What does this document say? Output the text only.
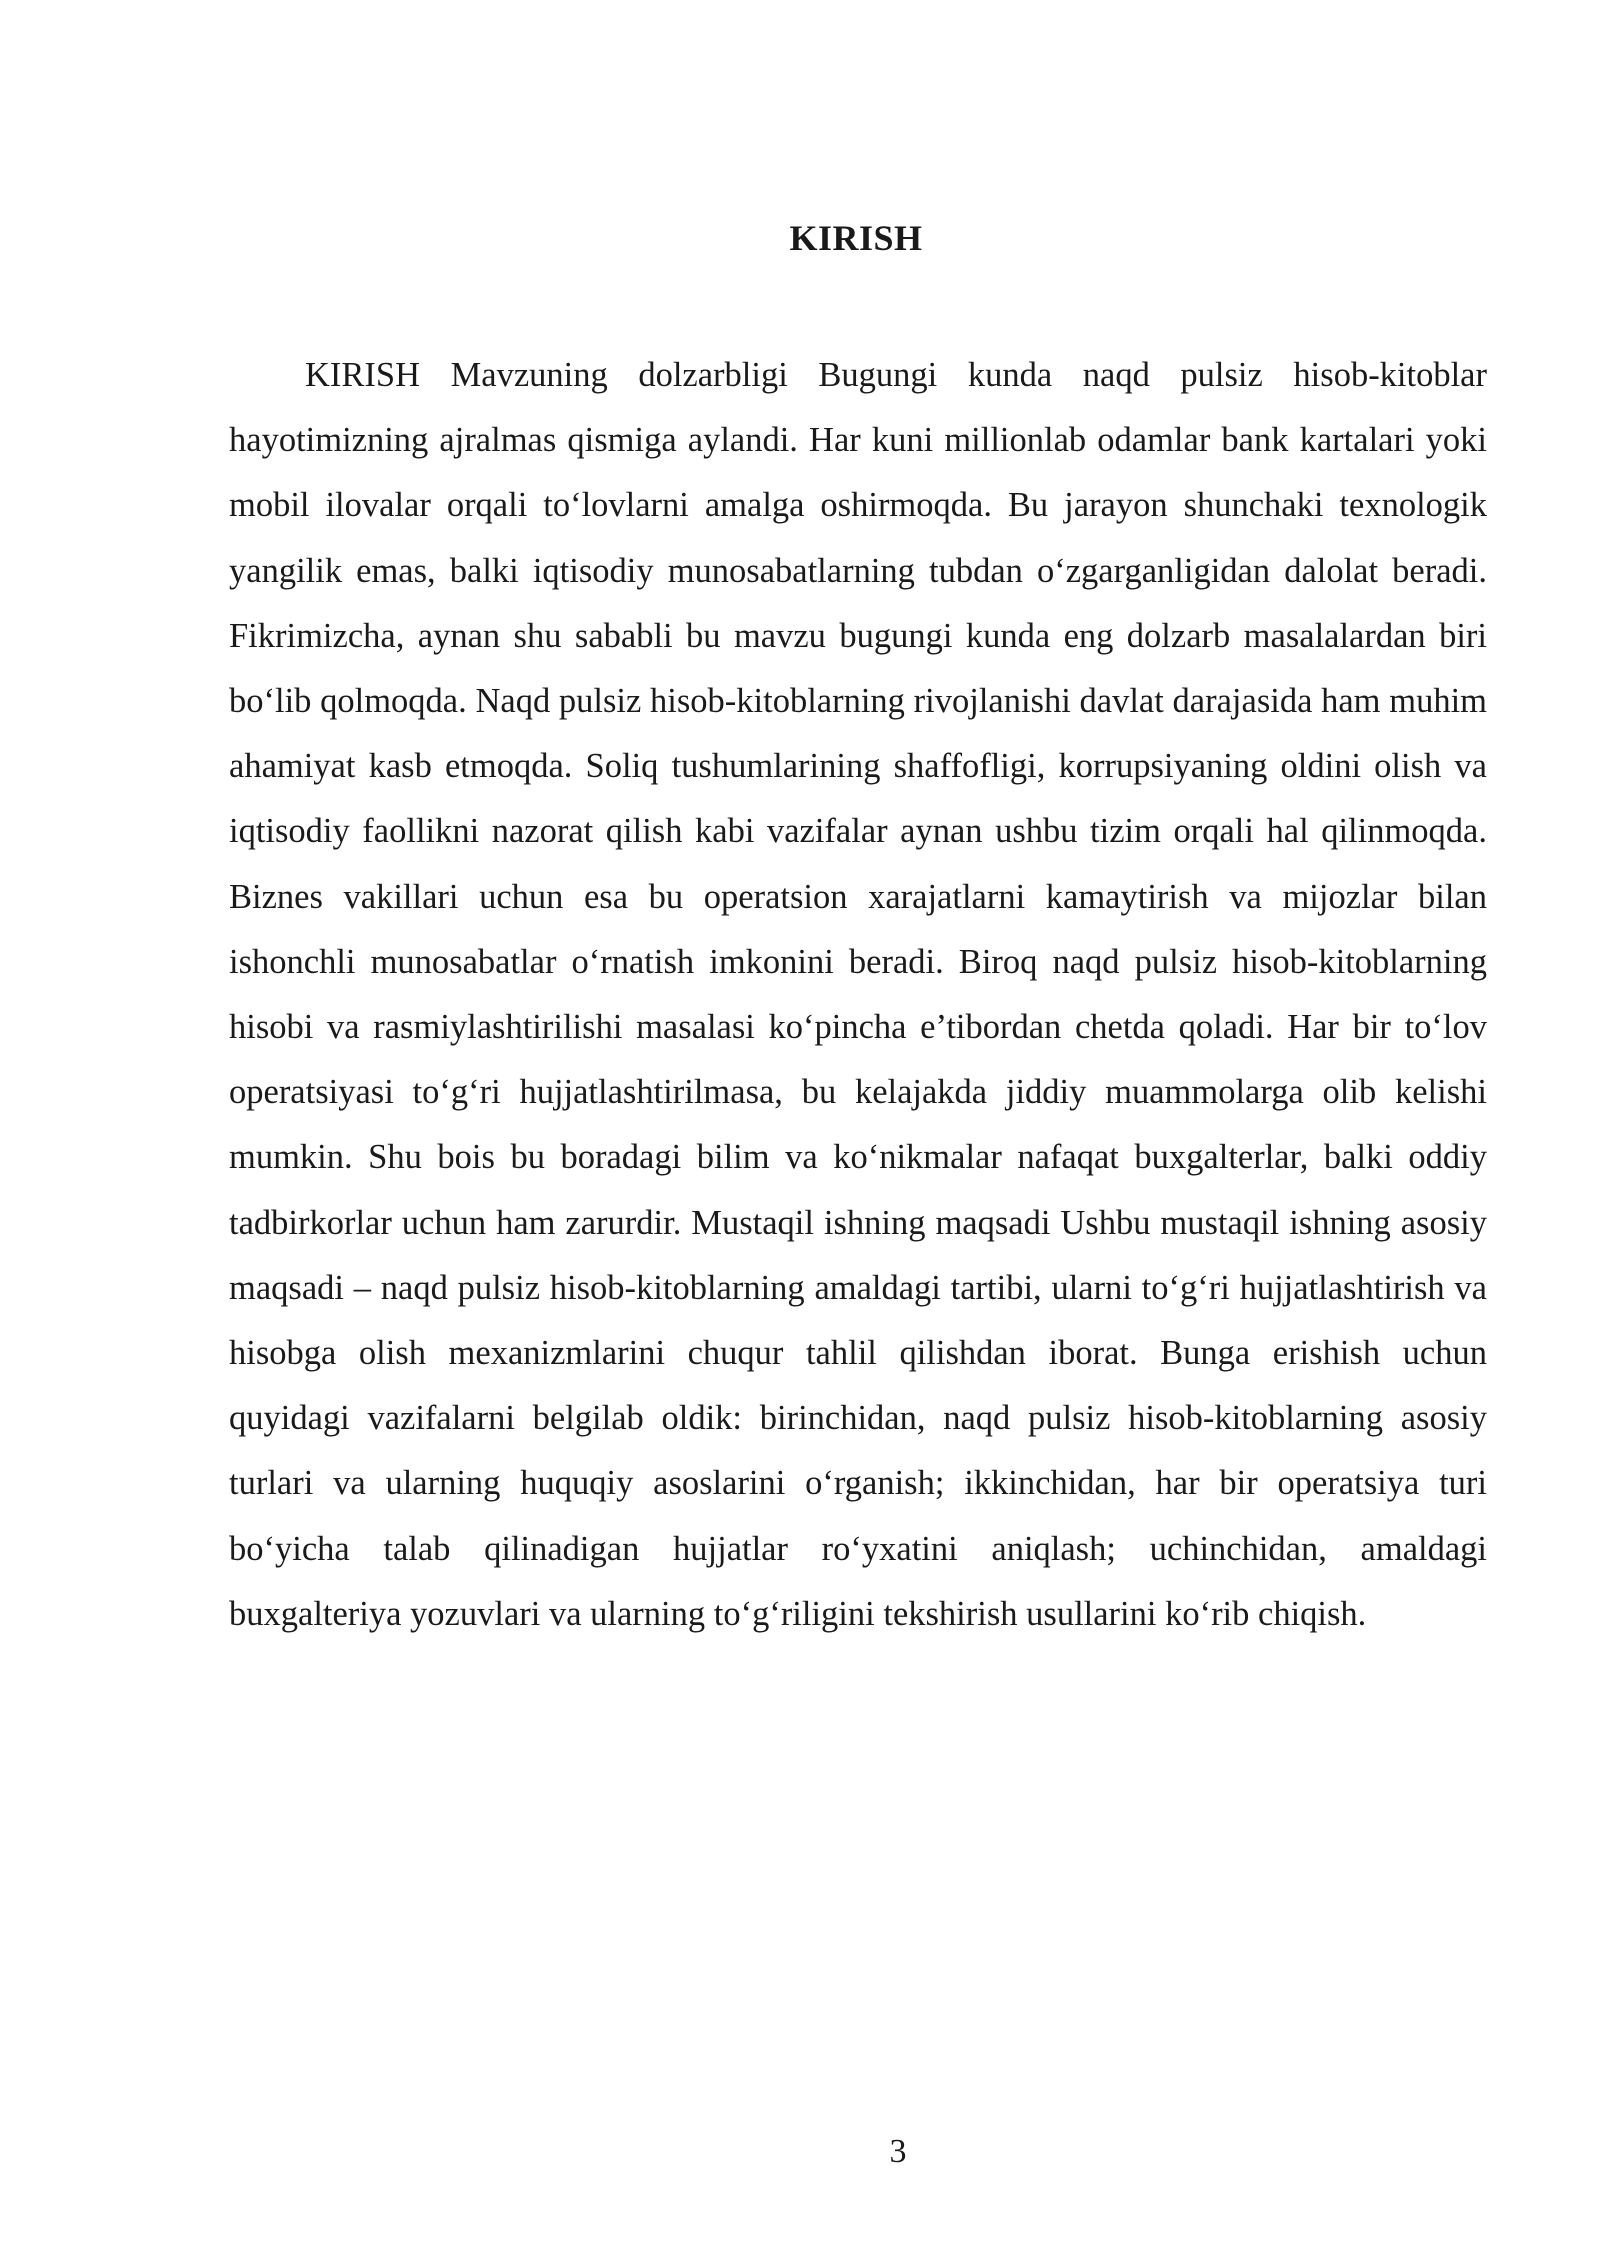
KIRISH

KIRISH Mavzuning dolzarbligi Bugungi kunda naqd pulsiz hisob-kitoblar hayotimizning ajralmas qismiga aylandi. Har kuni millionlab odamlar bank kartalari yoki mobil ilovalar orqali to‘lovlarni amalga oshirmoqda. Bu jarayon shunchaki texnologik yangilik emas, balki iqtisodiy munosabatlarning tubdan o‘zgarganligidan dalolat beradi. Fikrimizcha, aynan shu sababli bu mavzu bugungi kunda eng dolzarb masalalardan biri bo‘lib qolmoqda. Naqd pulsiz hisob-kitoblarning rivojlanishi davlat darajasida ham muhim ahamiyat kasb etmoqda. Soliq tushumlarining shaffofligi, korrupsiyaning oldini olish va iqtisodiy faollikni nazorat qilish kabi vazifalar aynan ushbu tizim orqali hal qilinmoqda. Biznes vakillari uchun esa bu operatsion xarajatlarni kamaytirish va mijozlar bilan ishonchli munosabatlar o‘rnatish imkonini beradi. Biroq naqd pulsiz hisob-kitoblarning hisobi va rasmiylashtirilishi masalasi ko‘pincha e’tibordan chetda qoladi. Har bir to‘lov operatsiyasi to‘g‘ri hujjatlashtirilmasa, bu kelajakda jiddiy muammolarga olib kelishi mumkin. Shu bois bu boradagi bilim va ko‘nikmalar nafaqat buxgalterlar, balki oddiy tadbirkorlar uchun ham zarurdir. Mustaqil ishning maqsadi Ushbu mustaqil ishning asosiy maqsadi – naqd pulsiz hisob-kitoblarning amaldagi tartibi, ularni to‘g‘ri hujjatlashtirish va hisobga olish mexanizmlarini chuqur tahlil qilishdan iborat. Bunga erishish uchun quyidagi vazifalarni belgilab oldik: birinchidan, naqd pulsiz hisob-kitoblarning asosiy turlari va ularning huquqiy asoslarini o‘rganish; ikkinchidan, har bir operatsiya turi bo‘yicha talab qilinadigan hujjatlar ro‘yxatini aniqlash; uchinchidan, amaldagi buxgalteriya yozuvlari va ularning to‘g‘riligini tekshirish usullarini ko‘rib chiqish.

3
